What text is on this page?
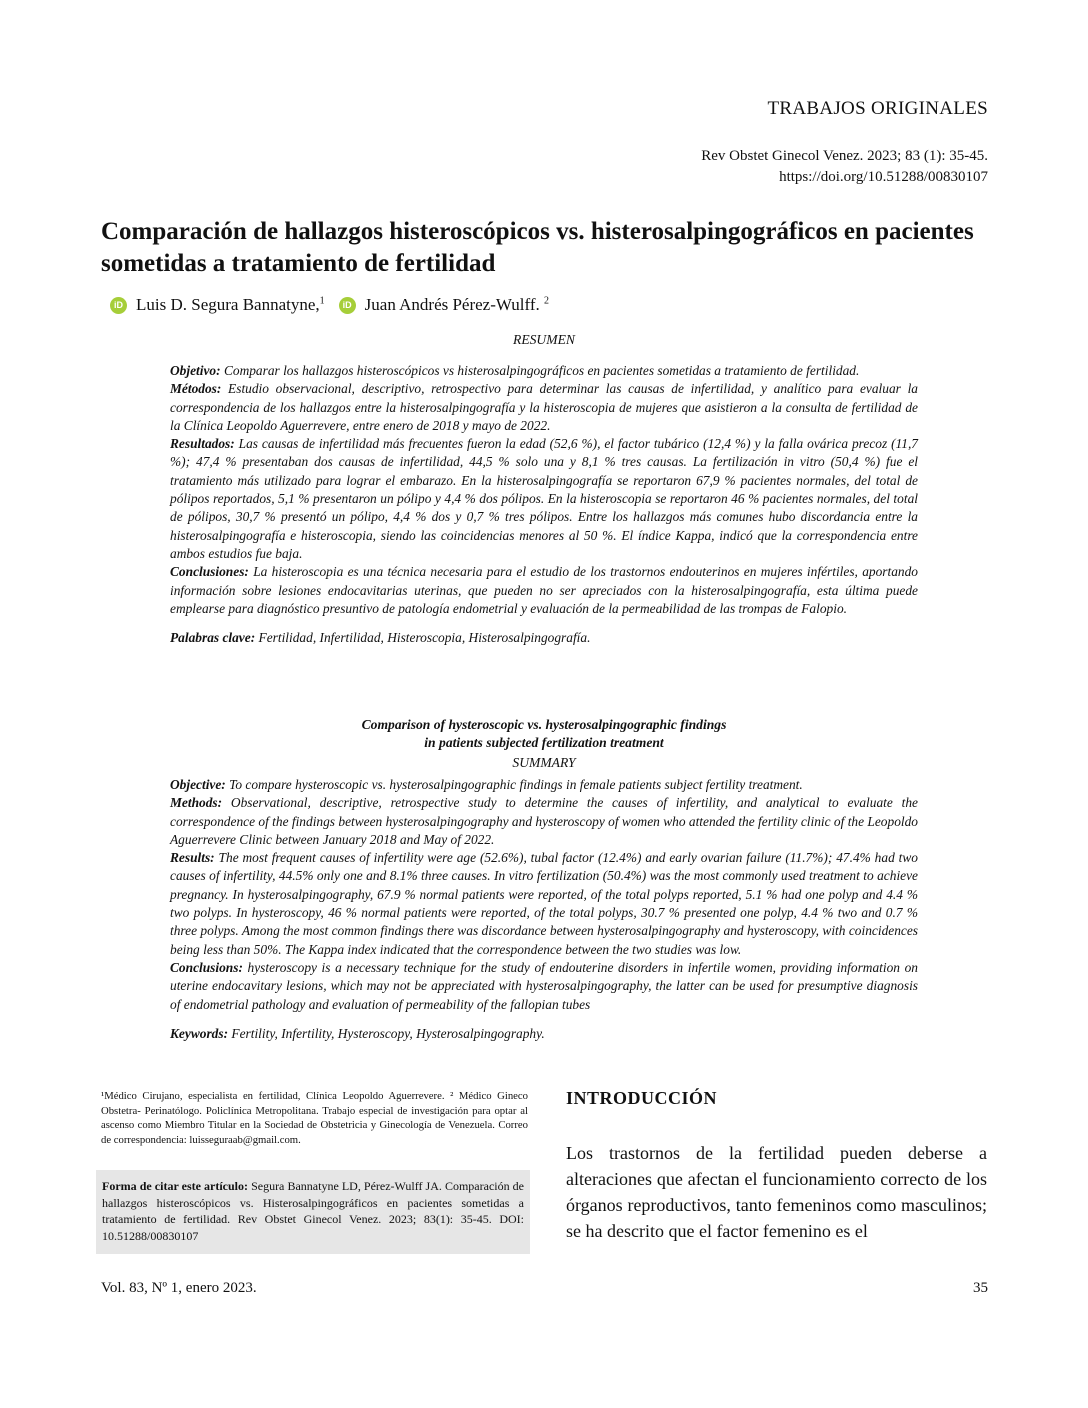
TRABAJOS ORIGINALES
Rev Obstet Ginecol Venez. 2023; 83 (1): 35-45.
https://doi.org/10.51288/00830107
Comparación de hallazgos histeroscópicos vs. histerosalpingográficos en pacientes sometidas a tratamiento de fertilidad
iD Luis D. Segura Bannatyne,$^1$	iD Juan Andrés Pérez-Wulff. $^2$
RESUMEN

Objetivo: Comparar los hallazgos histeroscópicos vs histerosalpingográficos en pacientes sometidas a tratamiento de fertilidad.

Métodos: Estudio observacional, descriptivo, retrospectivo para determinar las causas de infertilidad, y analítico para evaluar la correspondencia de los hallazgos entre la histerosalpingografía y la histeroscopia de mujeres que asistieron a la consulta de fertilidad de la Clínica Leopoldo Aguerrevere, entre enero de 2018 y mayo de 2022.

Resultados: Las causas de infertilidad más frecuentes fueron la edad (52,6 %), el factor tubárico (12,4 %) y la falla ovárica precoz (11,7 %); 47,4 % presentaban dos causas de infertilidad, 44,5 % solo una y 8,1 % tres causas. La fertilización in vitro (50,4 %) fue el tratamiento más utilizado para lograr el embarazo. En la histerosalpingografía se reportaron 67,9 % pacientes normales, del total de pólipos reportados, 5,1 % presentaron un pólipo y 4,4 % dos pólipos. En la histeroscopia se reportaron 46 % pacientes normales, del total de pólipos, 30,7 % presentó un pólipo, 4,4 % dos y 0,7 % tres pólipos. Entre los hallazgos más comunes hubo discordancia entre la histerosalpingografía e histeroscopia, siendo las coincidencias menores al 50 %. El índice Kappa, indicó que la correspondencia entre ambos estudios fue baja.

Conclusiones: La histeroscopia es una técnica necesaria para el estudio de los trastornos endouterinos en mujeres infértiles, aportando información sobre lesiones endocavitarias uterinas, que pueden no ser apreciados con la histerosalpingografía, esta última puede emplearse para diagnóstico presuntivo de patología endometrial y evaluación de la permeabilidad de las trompas de Falopio.

Palabras clave: Fertilidad, Infertilidad, Histeroscopia, Histerosalpingografía.

Comparison of hysteroscopic vs. hysterosalpingographic findings
in patients subjected fertilization treatment
SUMMARY

Objective: To compare hysteroscopic vs. hysterosalpingographic findings in female patients subject fertility treatment.

Methods: Observational, descriptive, retrospective study to determine the causes of infertility, and analytical to evaluate the correspondence of the findings between hysterosalpingography and hysteroscopy of women who attended the fertility clinic of the Leopoldo Aguerrevere Clinic between January 2018 and May of 2022.

Results: The most frequent causes of infertility were age (52.6%), tubal factor (12.4%) and early ovarian failure (11.7%); 47.4% had two causes of infertility, 44.5% only one and 8.1% three causes. In vitro fertilization (50.4%) was the most commonly used treatment to achieve pregnancy. In hysterosalpingography, 67.9 % normal patients were reported, of the total polyps reported, 5.1 % had one polyp and 4.4 % two polyps. In hysteroscopy, 46 % normal patients were reported, of the total polyps, 30.7 % presented one polyp, 4.4 % two and 0.7 % three polyps. Among the most common findings there was discordance between hysterosalpingography and hysteroscopy, with coincidences being less than 50%. The Kappa index indicated that the correspondence between the two studies was low.

Conclusions: hysteroscopy is a necessary technique for the study of endouterine disorders in infertile women, providing information on uterine endocavitary lesions, which may not be appreciated with hysterosalpingography, the latter can be used for presumptive diagnosis of endometrial pathology and evaluation of permeability of the fallopian tubes

Keywords: Fertility, Infertility, Hysteroscopy, Hysterosalpingography.

¹Médico Cirujano, especialista en fertilidad, Clínica Leopoldo Aguerrevere. ² Médico Gineco Obstetra- Perinatólogo. Policlínica Metropolitana. Trabajo especial de investigación para optar al ascenso como Miembro Titular en la Sociedad de Obstetricia y Ginecología de Venezuela. Correo de correspondencia: luisseguraab@gmail.com.
Forma de citar este artículo: Segura Bannatyne LD, Pérez-Wulff JA. Comparación de hallazgos histeroscópicos vs. Histerosalpingográficos en pacientes sometidas a tratamiento de fertilidad. Rev Obstet Ginecol Venez. 2023; 83(1): 35-45. DOI: 10.51288/00830107
INTRODUCCIÓN
Los trastornos de la fertilidad pueden deberse a alteraciones que afectan el funcionamiento correcto de los órganos reproductivos, tanto femeninos como masculinos; se ha descrito que el factor femenino es el
Vol. 83, Nº 1, enero 2023.	35
